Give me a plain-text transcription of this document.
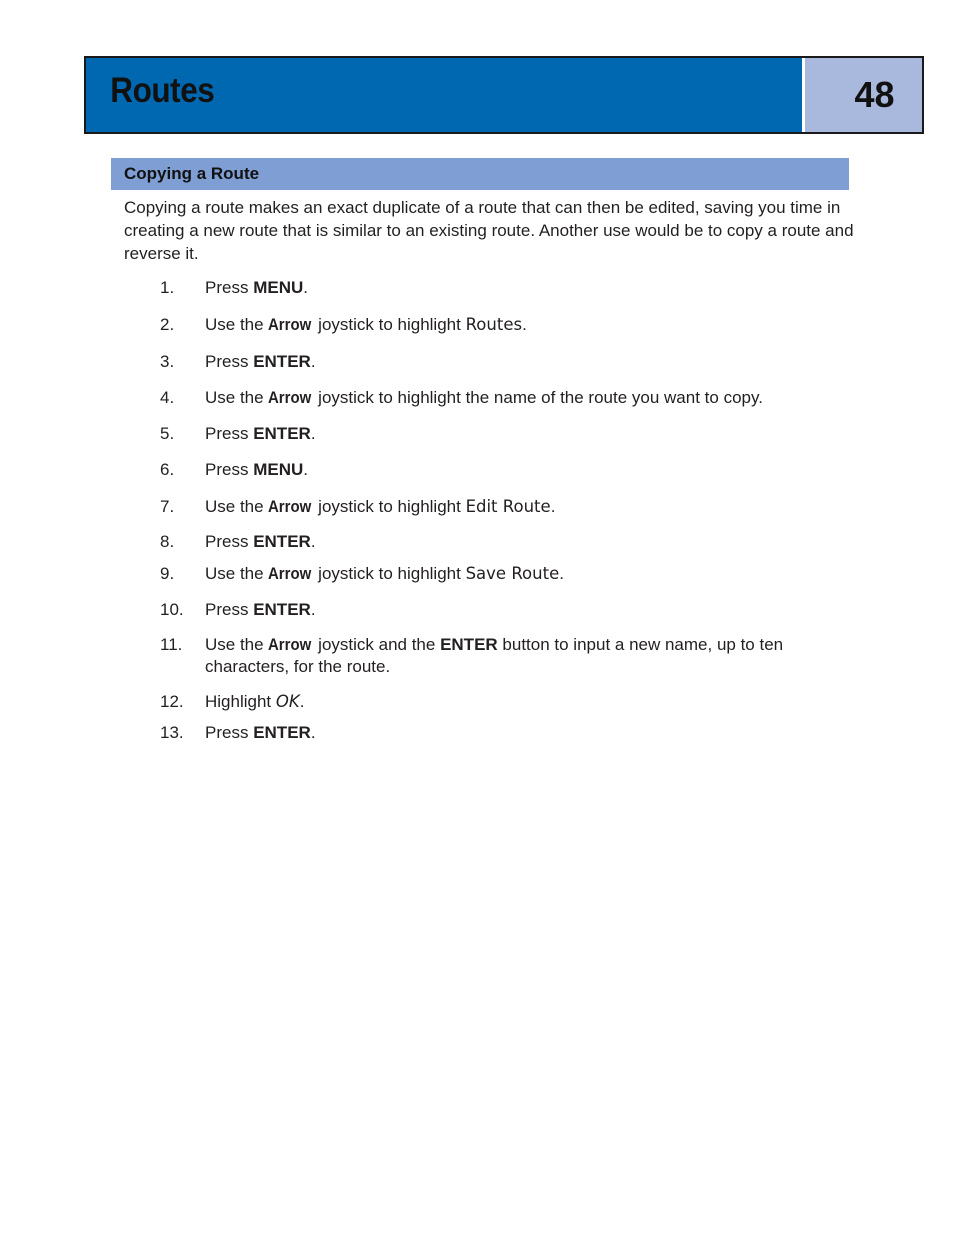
Routes	48
Copying a Route

Copying a route makes an exact duplicate of a route that can then be edited, saving you time in creating a new route that is similar to an existing route. Another use would be to copy a route and reverse it.

1.	Press MENU.
2.	Use the Arrow joystick to highlight Routes.
3.	Press ENTER.
4.	Use the Arrow joystick to highlight the name of the route you want to copy.
5.	Press ENTER.
6.	Press MENU.
7.	Use the Arrow joystick to highlight Edit Route.
8.	Press ENTER.
9.	Use the Arrow joystick to highlight Save Route.
10.	Press ENTER.
11.	Use the Arrow joystick and the ENTER button to input a new name, up to ten characters, for the route.
12.	Highlight OK.
13.	Press ENTER.
